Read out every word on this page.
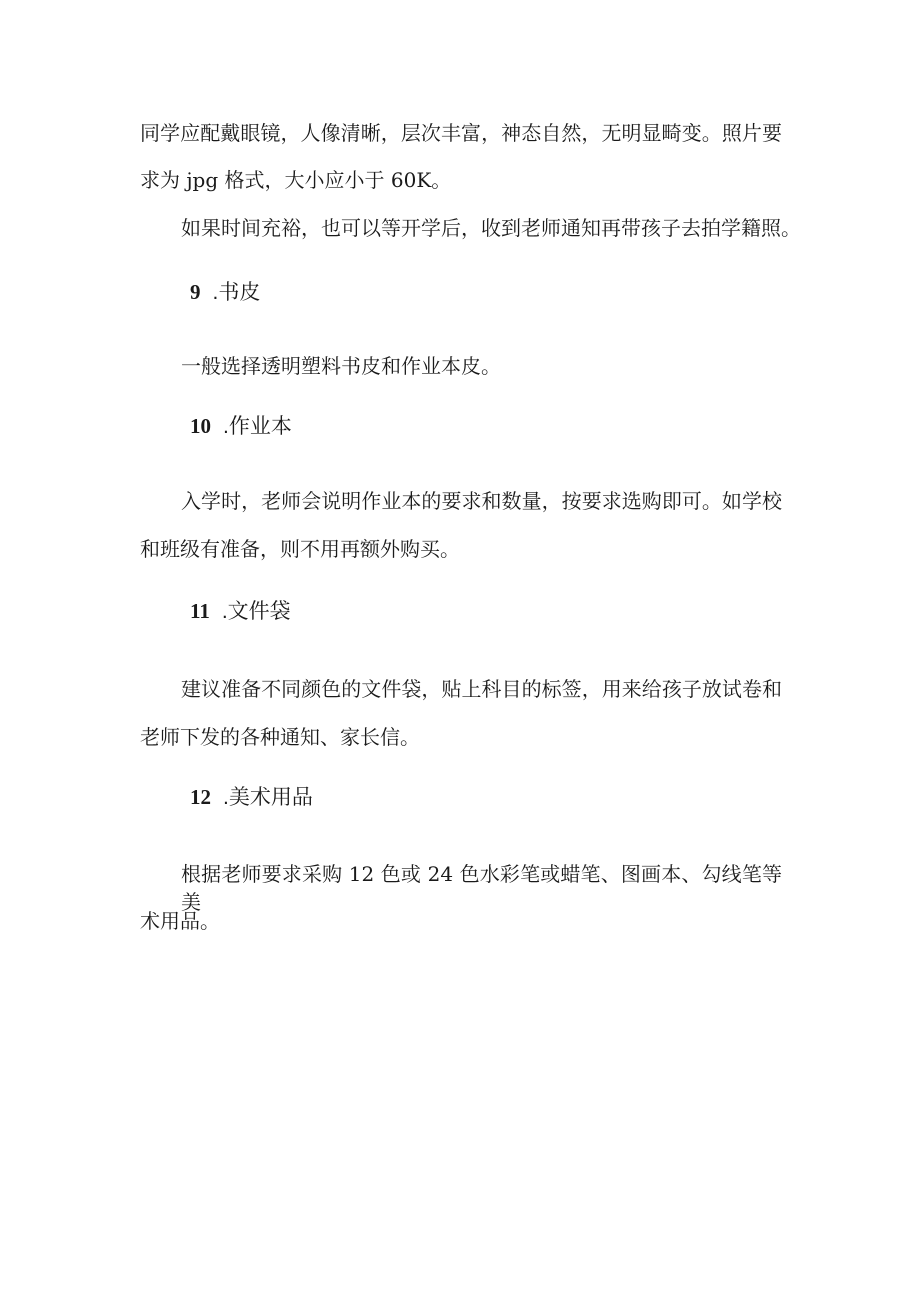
同学应配戴眼镜，人像清晰，层次丰富，神态自然，无明显畸变。照片要
求为 jpg 格式，大小应小于 60K。
如果时间充裕，也可以等开学后，收到老师通知再带孩子去拍学籍照。
9 .书皮
一般选择透明塑料书皮和作业本皮。
10 .作业本
入学时，老师会说明作业本的要求和数量，按要求选购即可。如学校
和班级有准备，则不用再额外购买。
11 .文件袋
建议准备不同颜色的文件袋，贴上科目的标签，用来给孩子放试卷和
老师下发的各种通知、家长信。
12 .美术用品
根据老师要求采购 12 色或 24 色水彩笔或蜡笔、图画本、勾线笔等美
术用品。
